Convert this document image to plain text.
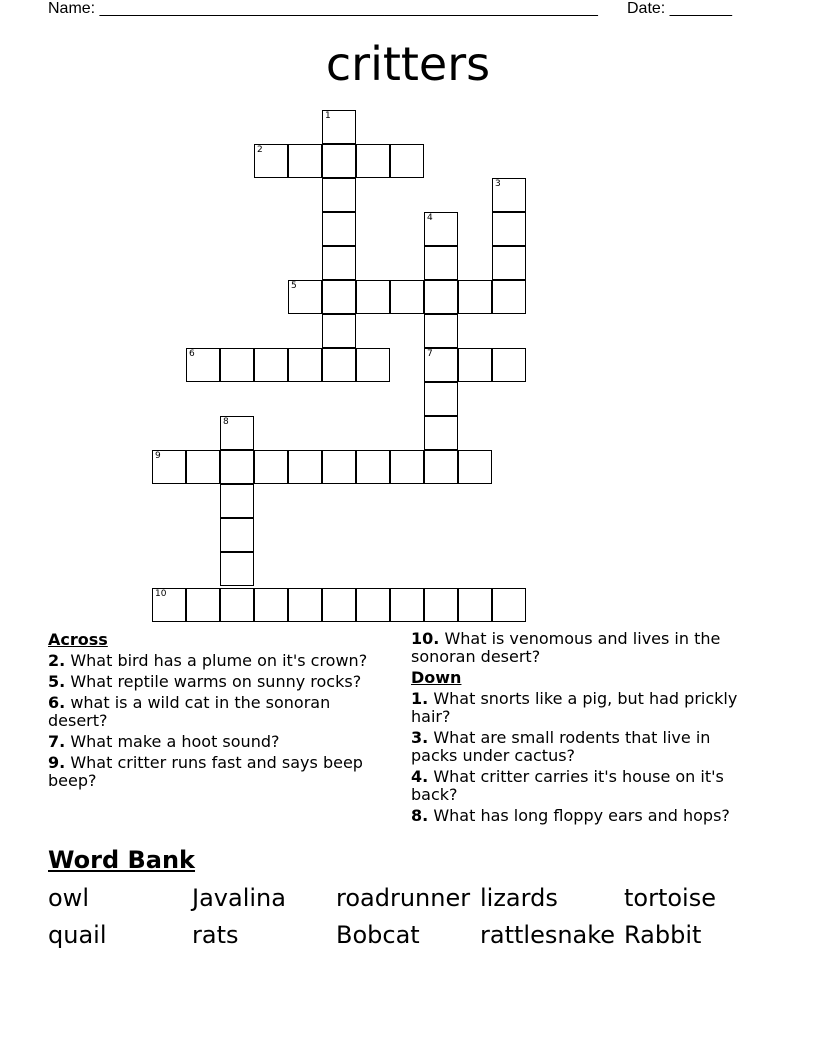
Name: ________________________________________________________ Date: _______
critters
1
2
3
4
5
6	7
8
9
10
Across
2. What bird has a plume on it's crown?
5. What reptile warms on sunny rocks?
6. what is a wild cat in the sonoran desert?
7. What make a hoot sound?
9. What critter runs fast and says beep beep?
10. What is venomous and lives in the sonoran desert?
Down
1. What snorts like a pig, but had prickly hair?
3. What are small rodents that live in packs under cactus?
4. What critter carries it's house on it's back?
8. What has long floppy ears and hops?
Word Bank
owl	Javalina roadrunner lizards	tortoise
quail	rats	Bobcat	rattlesnake Rabbit
